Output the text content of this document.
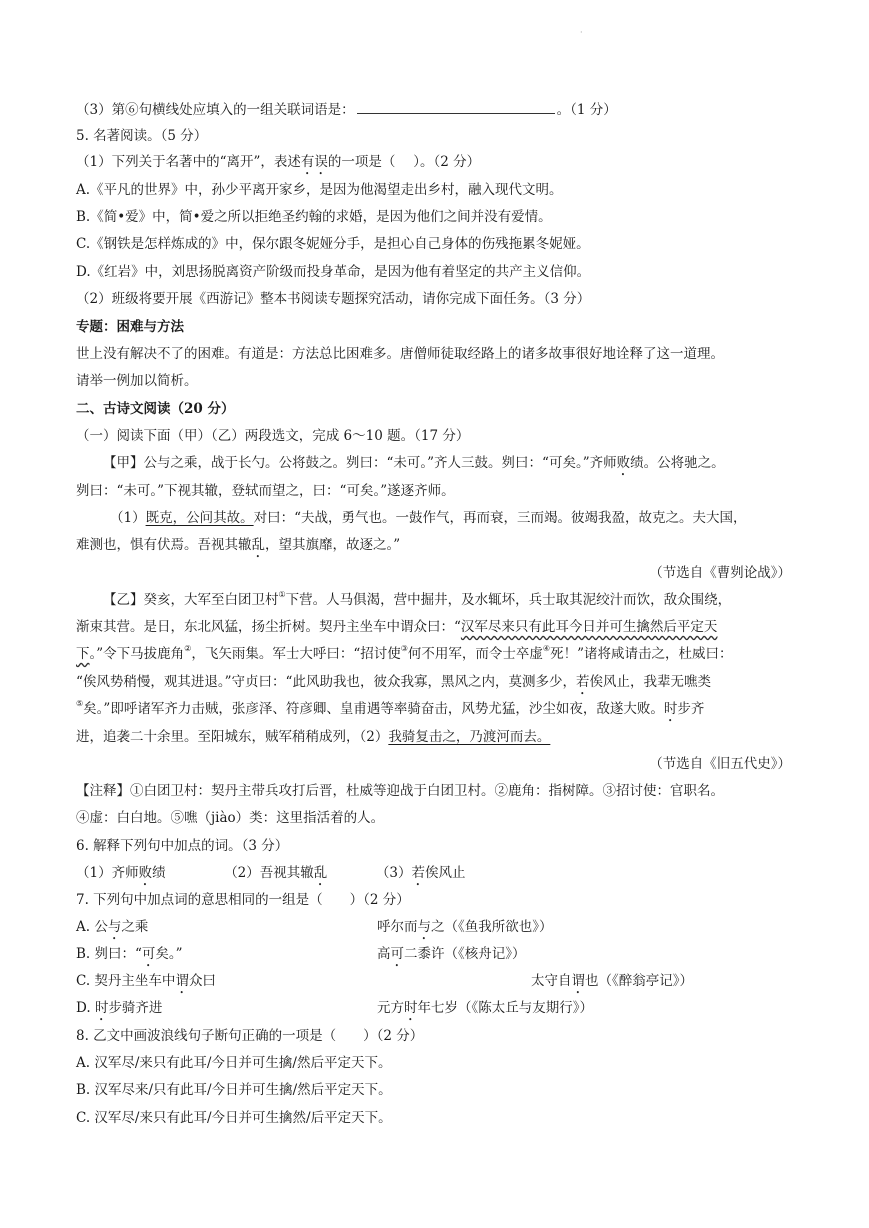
·
（3）第⑥句横线处应填入的一组关联词语是：	。（1 分）
5. 名著阅读。（5 分）
（1）下列关于名著中的“离开”，表述有误的一项是（　 ）。（2 分）
A.《平凡的世界》中，孙少平离开家乡，是因为他渴望走出乡村，融入现代文明。
B.《简•爱》中，简•爱之所以拒绝圣约翰的求婚，是因为他们之间并没有爱情。
C.《钢铁是怎样炼成的》中，保尔跟冬妮娅分手，是担心自己身体的伤残拖累冬妮娅。
D.《红岩》中，刘思扬脱离资产阶级而投身革命，是因为他有着坚定的共产主义信仰。
（2）班级将要开展《西游记》整本书阅读专题探究活动，请你完成下面任务。（3 分）
专题：困难与方法
世上没有解决不了的困难。有道是：方法总比困难多。唐僧师徒取经路上的诸多故事很好地诠释了这一道理。
请举一例加以简析。
二、古诗文阅读（20 分）
（一）阅读下面（甲）（乙）两段选文，完成 6～10 题。（17 分）
【甲】公与之乘，战于长勺。公将鼓之。刿曰：“未可。”齐人三鼓。刿曰：“可矣。”齐师败绩。公将驰之。
刿曰：“未可。”下视其辙，登轼而望之，曰：“可矣。”遂逐齐师。
（1）既克，公问其故。对曰：“夫战，勇气也。一鼓作气，再而衰，三而竭。彼竭我盈，故克之。夫大国，
难测也，惧有伏焉。吾视其辙乱，望其旗靡，故逐之。”
（节选自《曹刿论战》）
【乙】癸亥，大军至白团卫村①下营。人马俱渴，营中掘井，及水辄坏，兵士取其泥绞汁而饮，敌众围绕，
渐束其营。是日，东北风猛，扬尘折树。契丹主坐车中谓众曰：“汉军尽来只有此耳今日并可生擒然后平定天
下。”令下马拔鹿角②，飞矢雨集。军士大呼曰：“招讨使③何不用军，而令士卒虚④死！”诸将咸请击之，杜威曰：
“俟风势稍慢，观其进退。”守贞曰：“此风助我也，彼众我寡，黑风之内，莫测多少，若俟风止，我辈无噍类
⑤矣。”即呼诸军齐力击贼，张彦泽、符彦卿、皇甫遇等率骑奋击，风势尤猛，沙尘如夜，敌遂大败。时步齐
进，追袭二十余里。至阳城东，贼军稍稍成列，（2）我骑复击之，乃渡河而去。
（节选自《旧五代史》）
【注释】①白团卫村：契丹主带兵攻打后晋，杜威等迎战于白团卫村。②鹿角：指树障。③招讨使：官职名。
④虚：白白地。⑤噍（jiào）类：这里指活着的人。
6. 解释下列句中加点的词。（3 分）
（1）齐师败绩	（2）吾视其辙乱	（3）若俟风止
7. 下列句中加点词的意思相同的一组是（　　）（2 分）
A. 公与之乘	呼尔而与之（《鱼我所欲也》）
B. 刿曰：“可矣。”	高可二黍许（《核舟记》）
C. 契丹主坐车中谓众曰	太守自谓也（《醉翁亭记》）
D. 时步骑齐进	元方时年七岁（《陈太丘与友期行》）
8. 乙文中画波浪线句子断句正确的一项是（　　）（2 分）
A. 汉军尽/来只有此耳/今日并可生擒/然后平定天下。
B. 汉军尽来/只有此耳/今日并可生擒/然后平定天下。
C. 汉军尽/来只有此耳/今日并可生擒然/后平定天下。
